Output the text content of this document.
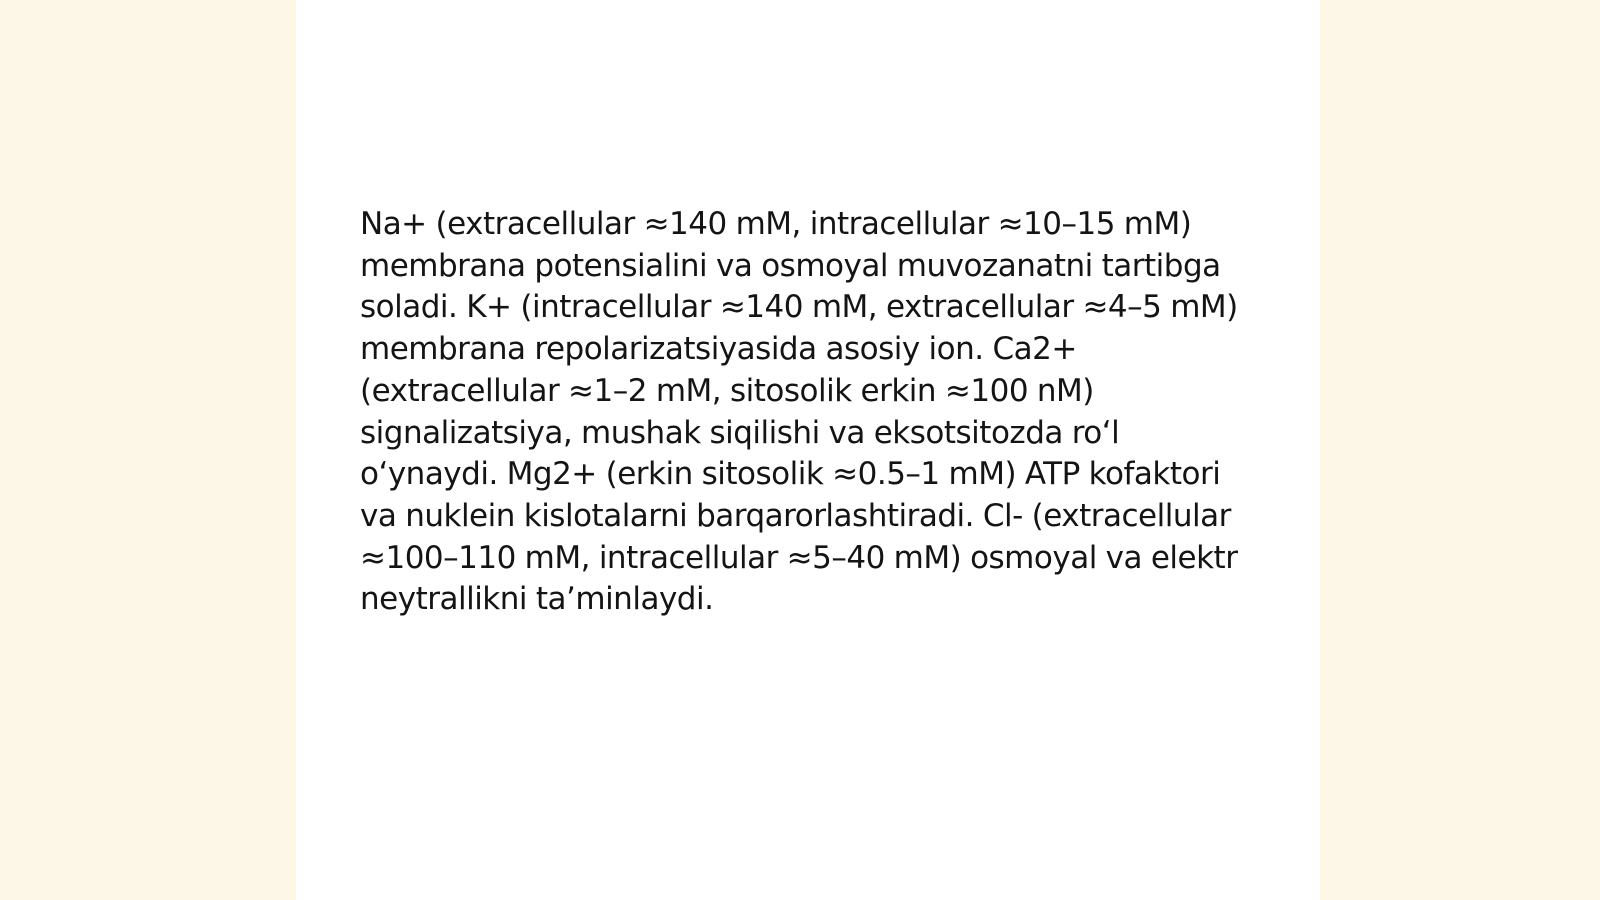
Na+ (extracellular ≈140 mM, intracellular ≈10–15 mM) membrana potensialini va osmoyal muvozanatni tartibga soladi. K+ (intracellular ≈140 mM, extracellular ≈4–5 mM) membrana repolarizatsiyasida asosiy ion. Ca2+ (extracellular ≈1–2 mM, sitosolik erkin ≈100 nM) signalizatsiya, mushak siqilishi va eksotsitozda roʻl oʻynaydi. Mg2+ (erkin sitosolik ≈0.5–1 mM) ATP kofaktori va nuklein kislotalarni barqarorlashtiradi. Cl- (extracellular ≈100–110 mM, intracellular ≈5–40 mM) osmoyal va elektr neytrallikni taʼminlaydi.
